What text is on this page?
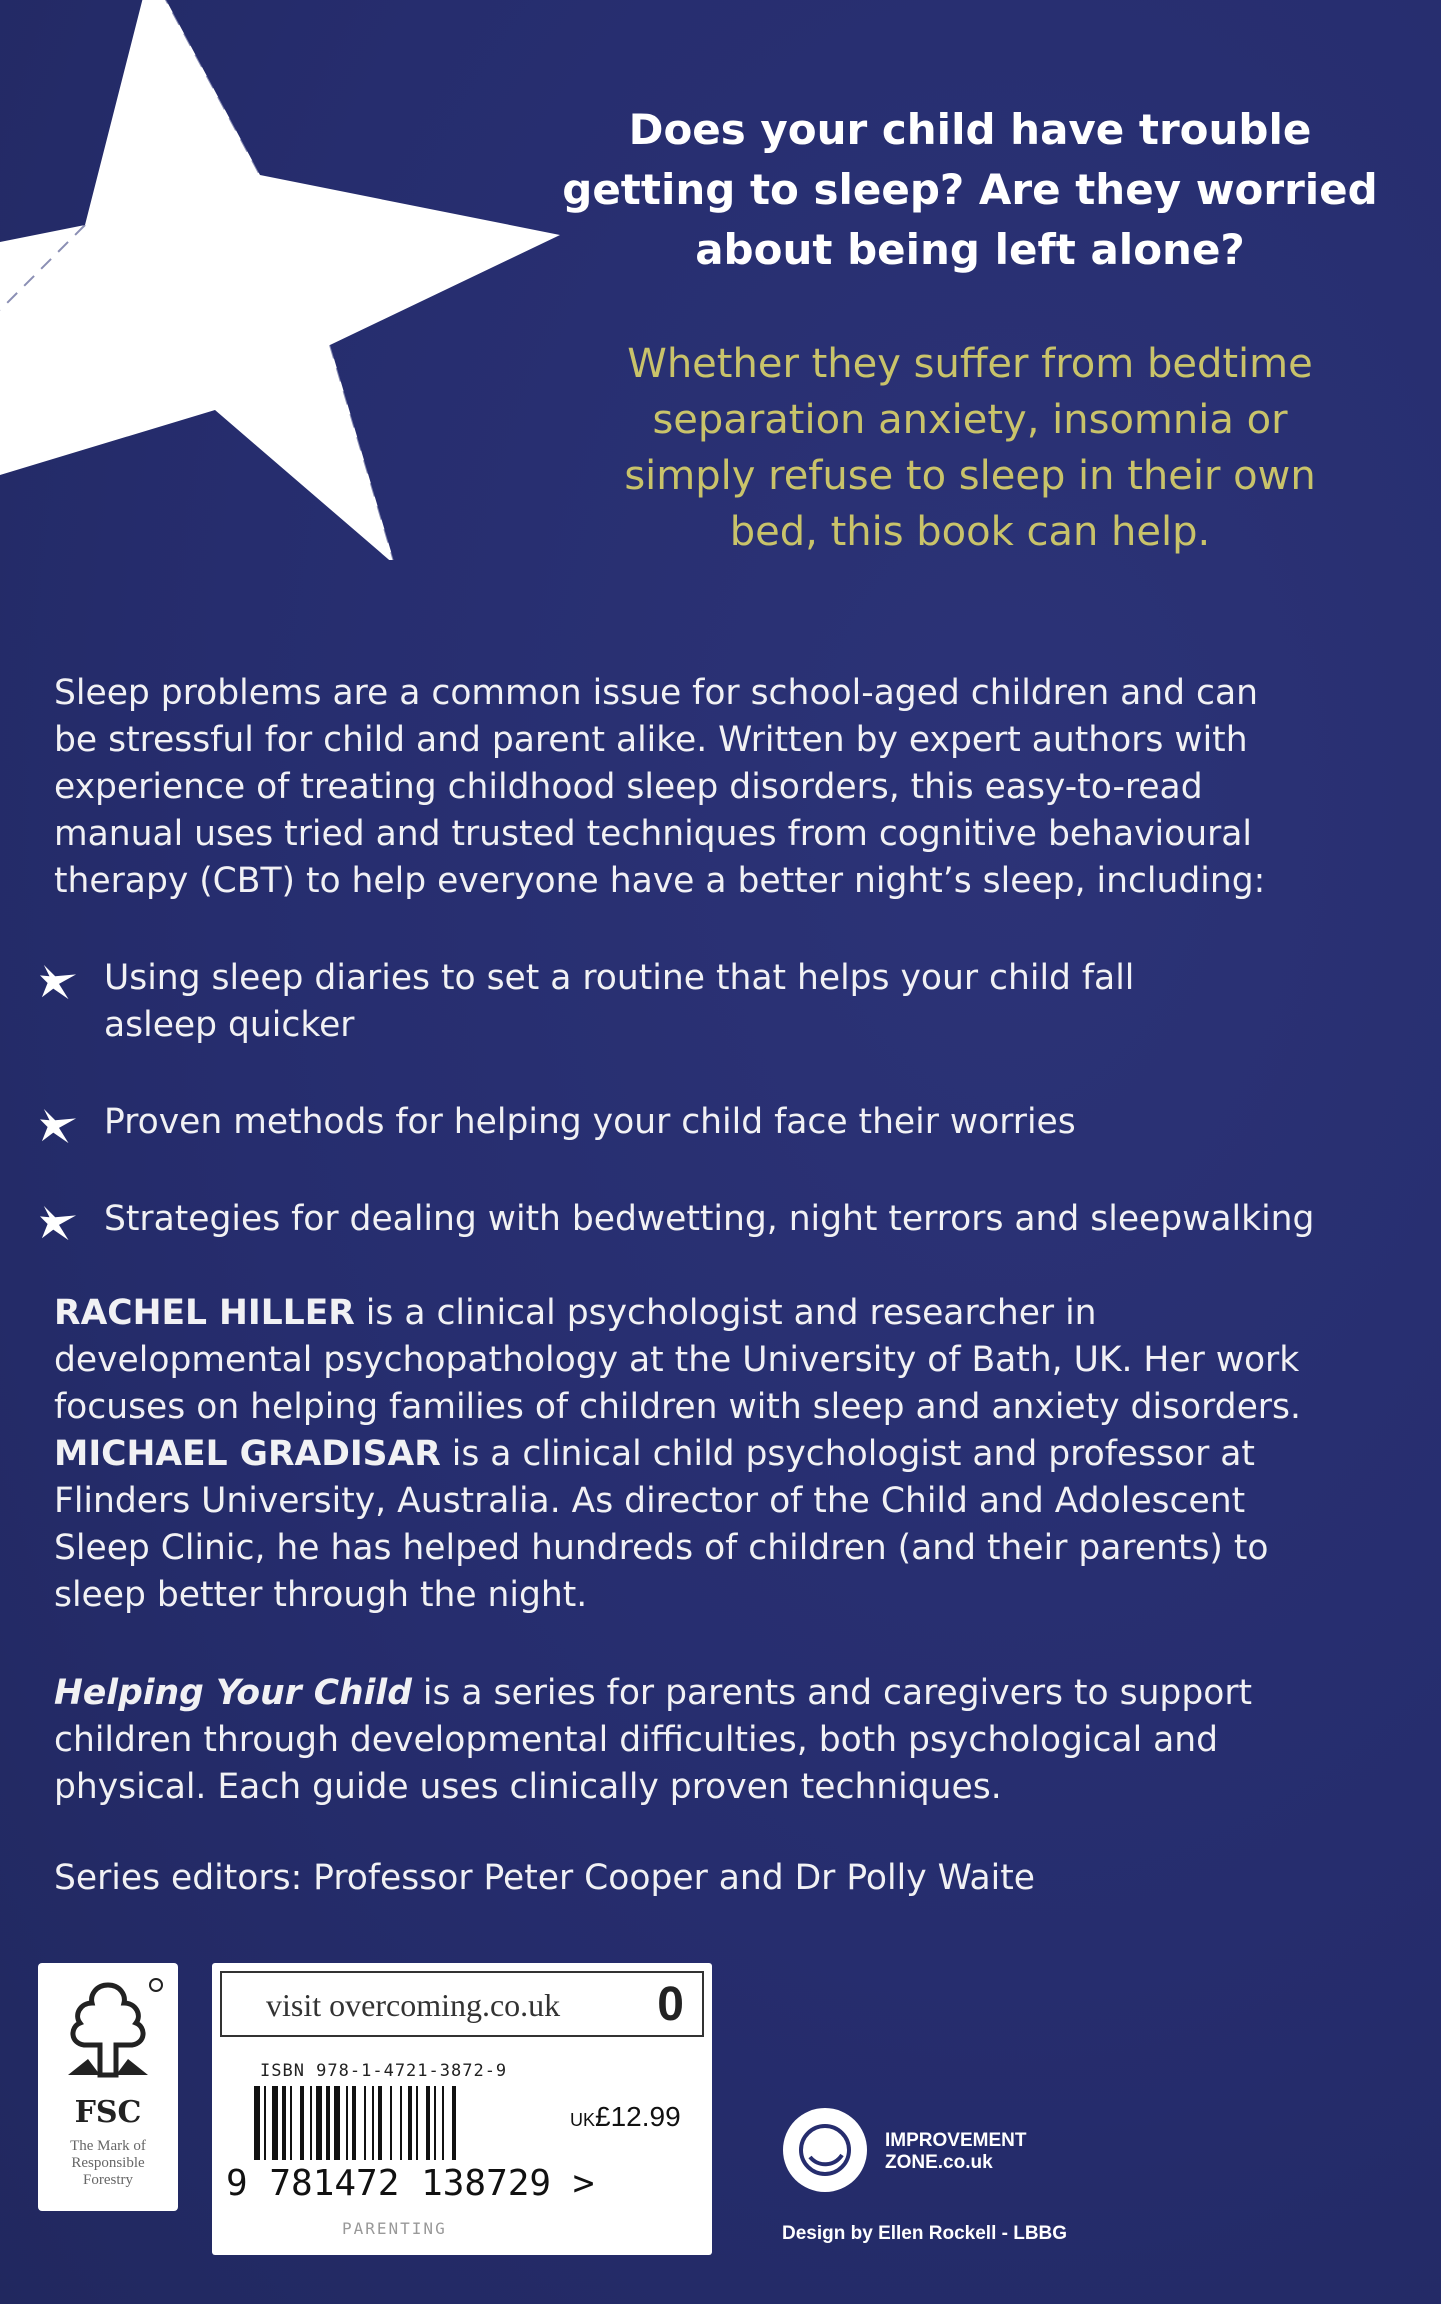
Does your child have trouble
getting to sleep? Are they worried
about being left alone?
Whether they suffer from bedtime
separation anxiety, insomnia or
simply refuse to sleep in their own
bed, this book can help.
Sleep problems are a common issue for school-aged children and can
be stressful for child and parent alike. Written by expert authors with
experience of treating childhood sleep disorders, this easy-to-read
manual uses tried and trusted techniques from cognitive behavioural
therapy (CBT) to help everyone have a better night’s sleep, including:
Using sleep diaries to set a routine that helps your child fall
asleep quicker
Proven methods for helping your child face their worries
Strategies for dealing with bedwetting, night terrors and sleepwalking
RACHEL HILLER is a clinical psychologist and researcher in
developmental psychopathology at the University of Bath, UK. Her work
focuses on helping families of children with sleep and anxiety disorders.
MICHAEL GRADISAR is a clinical child psychologist and professor at
Flinders University, Australia. As director of the Child and Adolescent
Sleep Clinic, he has helped hundreds of children (and their parents) to
sleep better through the night.
Helping Your Child is a series for parents and caregivers to support
children through developmental difficulties, both psychological and
physical. Each guide uses clinically proven techniques.
Series editors: Professor Peter Cooper and Dr Polly Waite
FSC
The Mark of
Responsible
Forestry
visit overcoming.co.uk 0
ISBN 978-1-4721-3872-9
UK£12.99
9 781472 138729 >
PARENTING
IMPROVEMENT
ZONE.co.uk
Design by Ellen Rockell - LBBG
